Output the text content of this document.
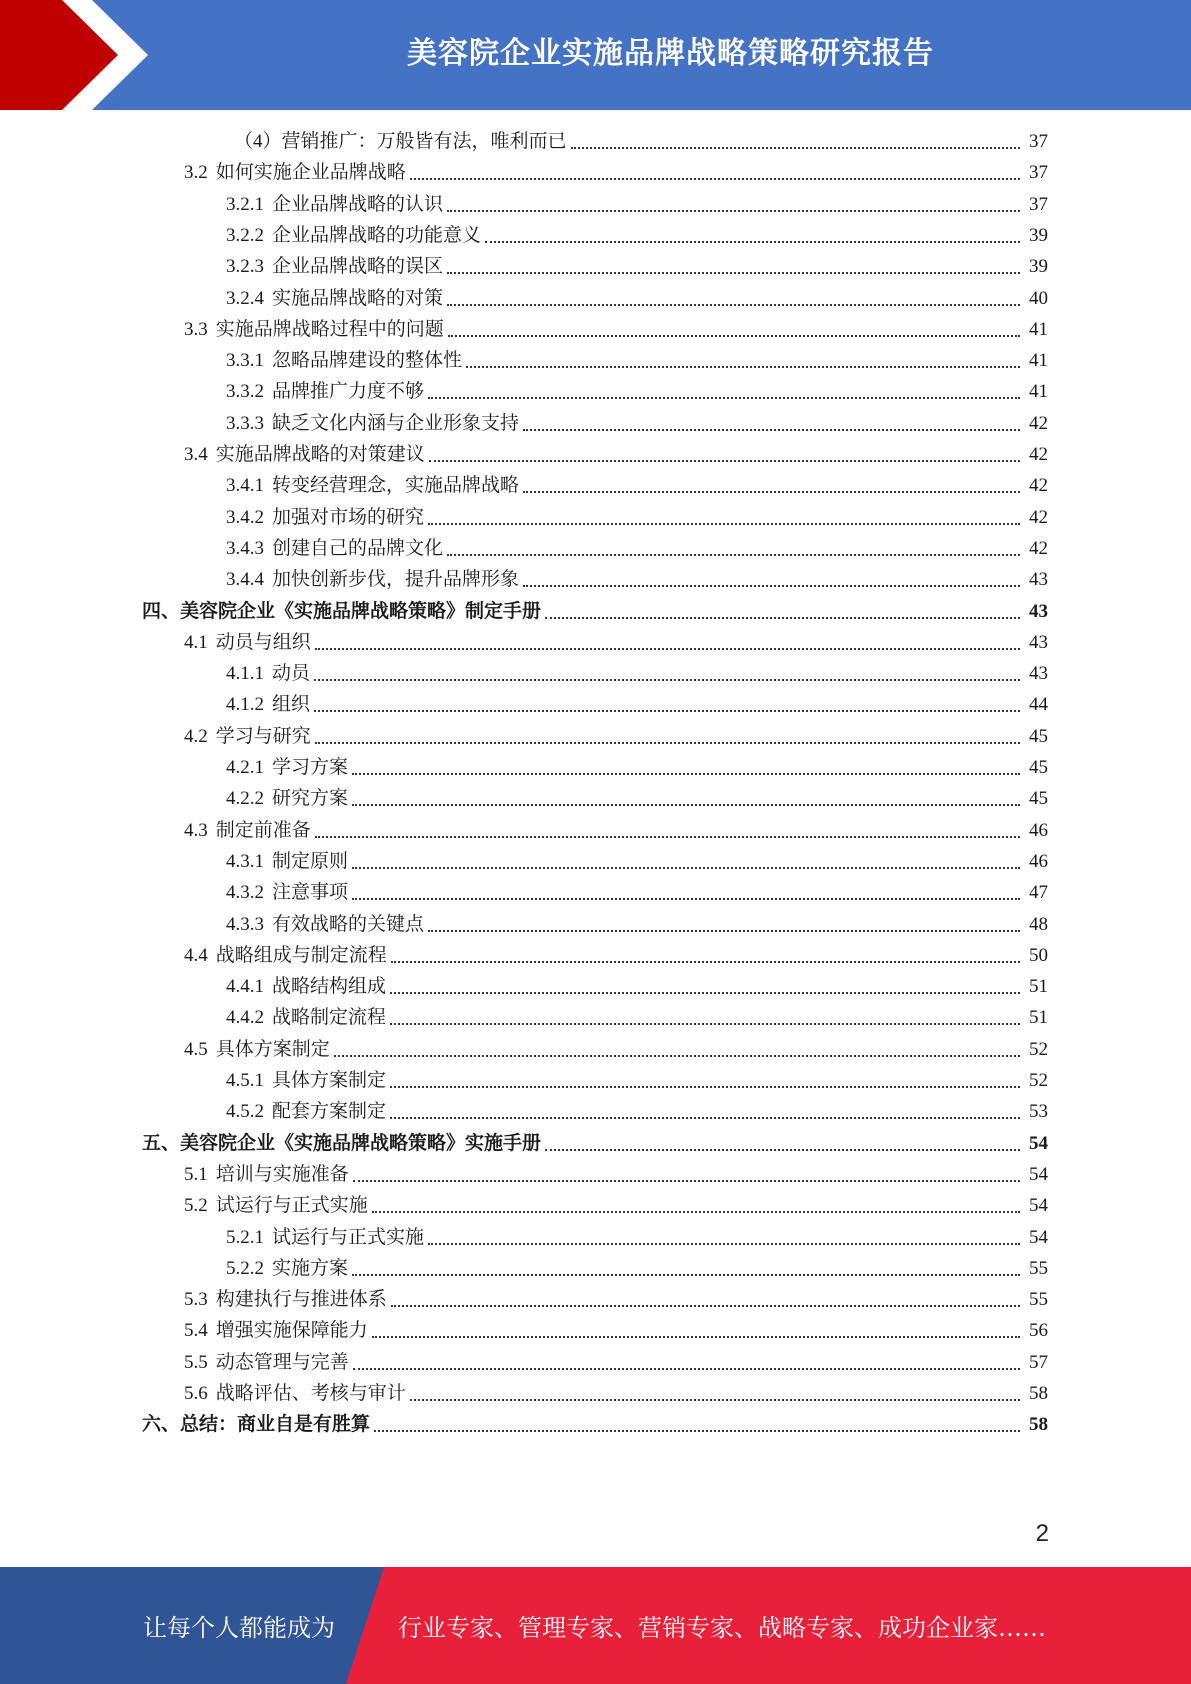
美容院企业实施品牌战略策略研究报告
（4）营销推广：万般皆有法，唯利而已	37
3.2 如何实施企业品牌战略	37
3.2.1 企业品牌战略的认识	37
3.2.2 企业品牌战略的功能意义	39
3.2.3 企业品牌战略的误区	39
3.2.4 实施品牌战略的对策	40
3.3 实施品牌战略过程中的问题	41
3.3.1 忽略品牌建设的整体性	41
3.3.2 品牌推广力度不够	41
3.3.3 缺乏文化内涵与企业形象支持	42
3.4 实施品牌战略的对策建议	42
3.4.1 转变经营理念，实施品牌战略	42
3.4.2 加强对市场的研究	42
3.4.3 创建自己的品牌文化	42
3.4.4 加快创新步伐，提升品牌形象	43
四、美容院企业《实施品牌战略策略》制定手册	43
4.1 动员与组织	43
4.1.1 动员	43
4.1.2 组织	44
4.2 学习与研究	45
4.2.1 学习方案	45
4.2.2 研究方案	45
4.3 制定前准备	46
4.3.1 制定原则	46
4.3.2 注意事项	47
4.3.3 有效战略的关键点	48
4.4 战略组成与制定流程	50
4.4.1 战略结构组成	51
4.4.2 战略制定流程	51
4.5 具体方案制定	52
4.5.1 具体方案制定	52
4.5.2 配套方案制定	53
五、美容院企业《实施品牌战略策略》实施手册	54
5.1 培训与实施准备	54
5.2 试运行与正式实施	54
5.2.1 试运行与正式实施	54
5.2.2 实施方案	55
5.3 构建执行与推进体系	55
5.4 增强实施保障能力	56
5.5 动态管理与完善	57
5.6 战略评估、考核与审计	58
六、总结：商业自是有胜算	58
2
让每个人都能成为	行业专家、管理专家、营销专家、战略专家、成功企业家……
